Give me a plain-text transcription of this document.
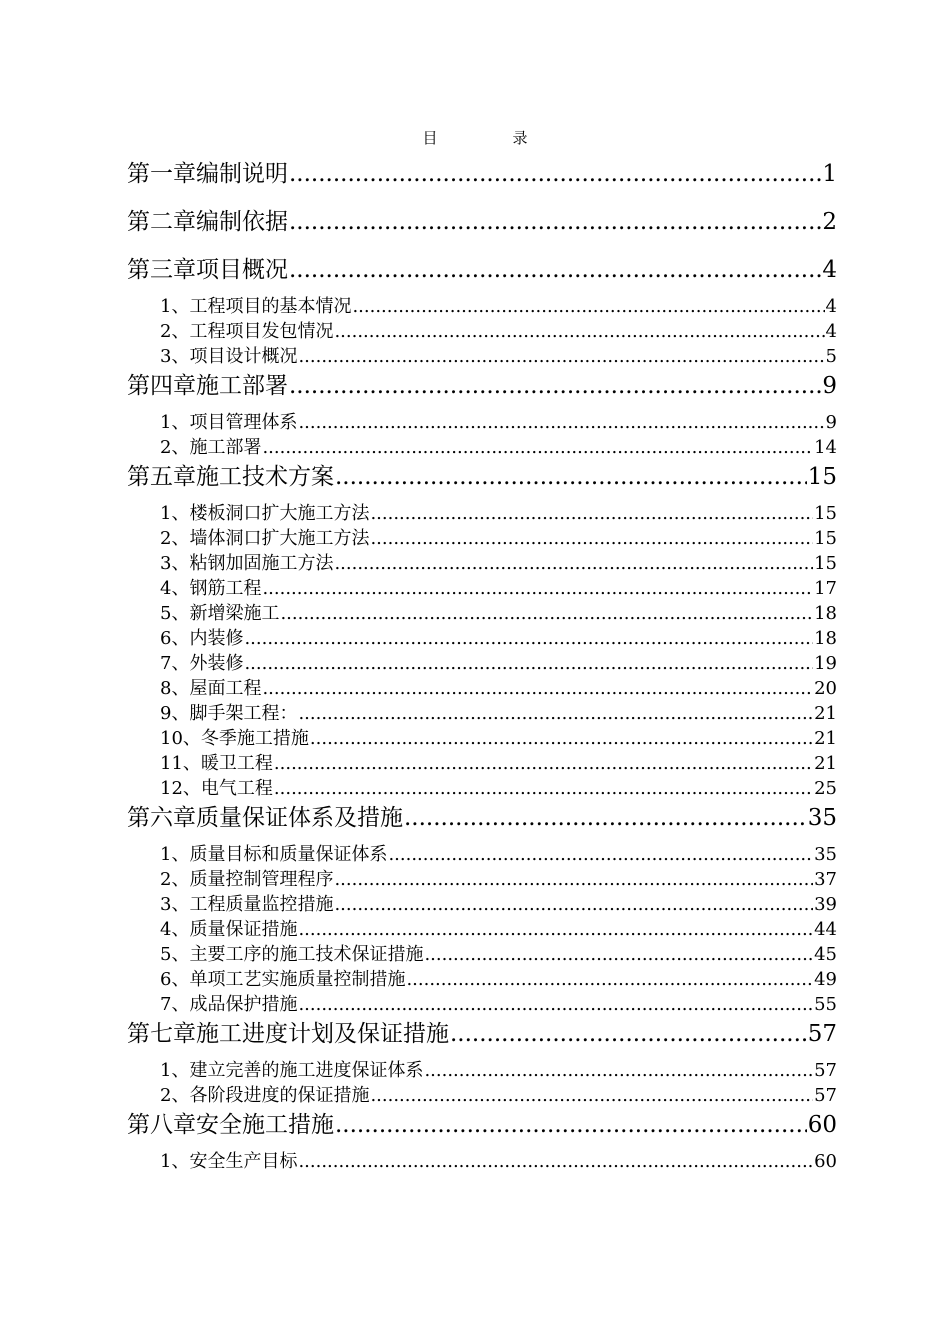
目　录
第一章 编制说明 .....	1
第二章 编制依据 .....	2
第三章 项目概况 .....	4
1、 工程项目的基本情况 .....	4
2、 工程项目发包情况 .....	4
3、 项目设计概况 .....	5
第四章 施工部署 .....	9
1、 项目管理体系 .....	9
2、 施工部署 .....	14
第五章 施工技术方案 .....	15
1、 楼板洞口扩大施工方法 .....	15
2、 墙体洞口扩大施工方法 .....	15
3、 粘钢加固施工方法 .....	15
4、 钢筋工程 .....	17
5、 新增梁施工 .....	18
6、 内装修 .....	18
7、 外装修 .....	19
8、 屋面工程 .....	20
9、 脚手架工程： .....	21
10、 冬季施工措施 .....	21
11、 暖卫工程 .....	21
12、 电气工程 .....	25
第六章 质量保证体系及措施 .....	35
1、 质量目标和质量保证体系 .....	35
2、 质量控制管理程序 .....	37
3、 工程质量监控措施 .....	39
4、 质量保证措施 .....	44
5、 主要工序的施工技术保证措施 .....	45
6、 单项工艺实施质量控制措施 .....	49
7、 成品保护措施 .....	55
第七章 施工进度计划及保证措施 .....	57
1、 建立完善的施工进度保证体系 .....	57
2、 各阶段进度的保证措施 .....	57
第八章 安全施工措施 .....	60
1、 安全生产目标 .....	60
